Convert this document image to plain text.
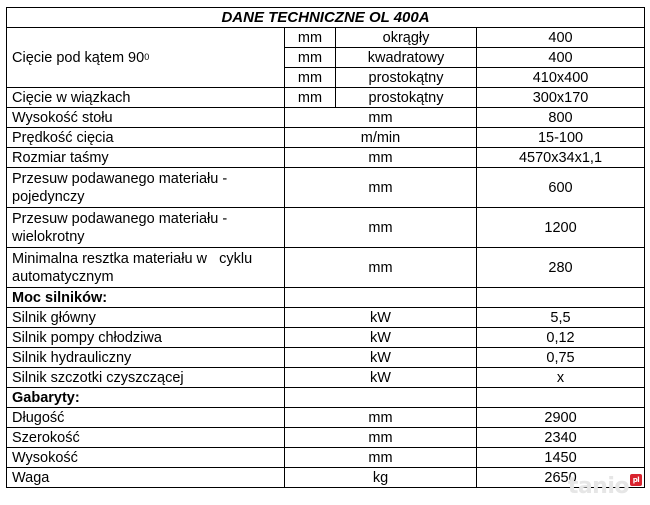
DANE TECHNICZNE OL 400A			
Cięcie pod kątem $90^0$	mm	okrągły	400
	mm	kwadratowy	400
	mm	prostokątny	410x400
Cięcie w wiązkach	mm	prostokątny	300x170
Wysokość stołu	mm		800
Prędkość cięcia	m/min		15-100
Rozmiar taśmy	mm		4570x34x1,1
Przesuw podawanego materiału - pojedynczy	mm		600
Przesuw podawanego materiału - wielokrotny	mm		1200
Minimalna resztka materiału w   cyklu automatycznym	mm		280
Moc silników:			
Silnik główny	kW		5,5
Silnik pompy chłodziwa	kW		0,12
Silnik hydrauliczny	kW		0,75
Silnik szczotki czyszczącej	kW		x
Gabaryty:			
Długość	mm		2900
Szerokość	mm		2340
Wysokość	mm		1450
Waga	kg		2650
tanio pl
